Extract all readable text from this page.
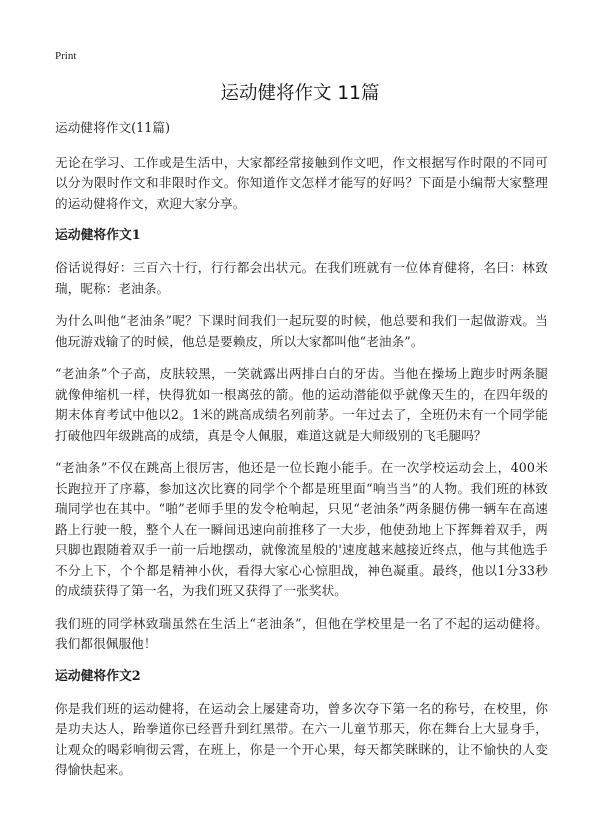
Print
运动健将作文 11篇

运动健将作文(11篇)

无论在学习、工作或是生活中，大家都经常接触到作文吧，作文根据写作时限的不同可以分为限时作文和非限时作文。你知道作文怎样才能写的好吗？下面是小编帮大家整理的运动健将作文，欢迎大家分享。

运动健将作文1

俗话说得好：三百六十行，行行都会出状元。在我们班就有一位体育健将，名曰：林致瑞，昵称：老油条。

为什么叫他“老油条”呢？下课时间我们一起玩耍的时候，他总要和我们一起做游戏。当他玩游戏输了的时候，他总是要赖皮，所以大家都叫他“老油条”。

“老油条”个子高，皮肤较黑，一笑就露出两排白白的牙齿。当他在操场上跑步时两条腿就像伸缩机一样，快得犹如一根离弦的箭。他的运动潜能似乎就像天生的，在四年级的期末体育考试中他以2。1米的跳高成绩名列前茅。一年过去了，全班仍未有一个同学能打破他四年级跳高的成绩，真是令人佩服，难道这就是大师级别的飞毛腿吗？

“老油条”不仅在跳高上很厉害，他还是一位长跑小能手。在一次学校运动会上，400米长跑拉开了序幕，参加这次比赛的同学个个都是班里面“响当当”的人物。我们班的林致瑞同学也在其中。“啪”老师手里的发令枪响起，只见“老油条”两条腿仿佛一辆车在高速路上行驶一般，整个人在一瞬间迅速向前推移了一大步，他使劲地上下挥舞着双手，两只脚也跟随着双手一前一后地摆动，就像流星般的'速度越来越接近终点，他与其他选手不分上下，个个都是精神小伙，看得大家心心惊胆战，神色凝重。最终，他以1分33秒的成绩获得了第一名，为我们班又获得了一张奖状。

我们班的同学林致瑞虽然在生活上“老油条”，但他在学校里是一名了不起的运动健将。我们都很佩服他！

运动健将作文2

你是我们班的运动健将，在运动会上屡建奇功，曾多次夺下第一名的称号，在校里，你是功夫达人，跆拳道你已经晋升到红黑带。在六一儿童节那天，你在舞台上大显身手，让观众的喝彩响彻云霄，在班上，你是一个开心果，每天都笑眯眯的，让不愉快的人变得愉快起来。
